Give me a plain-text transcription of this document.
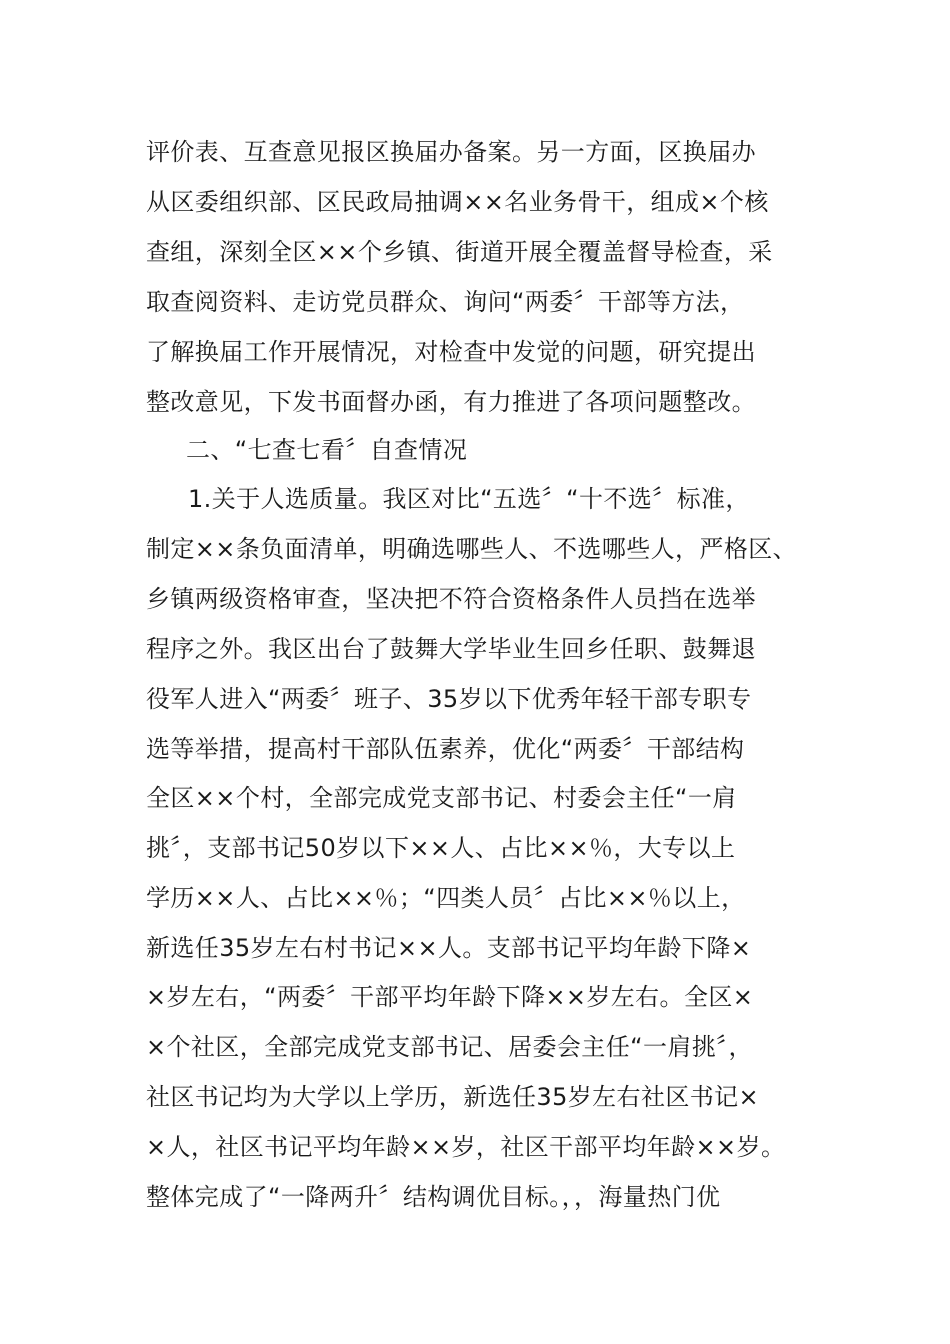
评价表、互查意见报区换届办备案。另一方面，区换届办
从区委组织部、区民政局抽调××名业务骨干，组成×个核
查组，深刻全区××个乡镇、街道开展全覆盖督导检查，采
取查阅资料、走访党员群众、询问“两委〞干部等方法，
了解换届工作开展情况，对检查中发觉的问题，研究提出
整改意见，下发书面督办函，有力推进了各项问题整改。
二、“七查七看〞自查情况
1.关于人选质量。我区对比“五选〞“十不选〞标准，
制定××条负面清单，明确选哪些人、不选哪些人，严格区、
乡镇两级资格审查，坚决把不符合资格条件人员挡在选举
程序之外。我区出台了鼓舞大学毕业生回乡任职、鼓舞退
役军人进入“两委〞班子、35岁以下优秀年轻干部专职专
选等举措，提高村干部队伍素养，优化“两委〞干部结构
全区××个村，全部完成党支部书记、村委会主任“一肩
挑〞，支部书记50岁以下××人、占比××％，大专以上
学历××人、占比××％；“四类人员〞占比××％以上，
新选任35岁左右村书记××人。支部书记平均年龄下降×
×岁左右，“两委〞干部平均年龄下降××岁左右。全区×
×个社区，全部完成党支部书记、居委会主任“一肩挑〞，
社区书记均为大学以上学历，新选任35岁左右社区书记×
×人，社区书记平均年龄××岁，社区干部平均年龄××岁。
整体完成了“一降两升〞结构调优目标。，，海量热门优
